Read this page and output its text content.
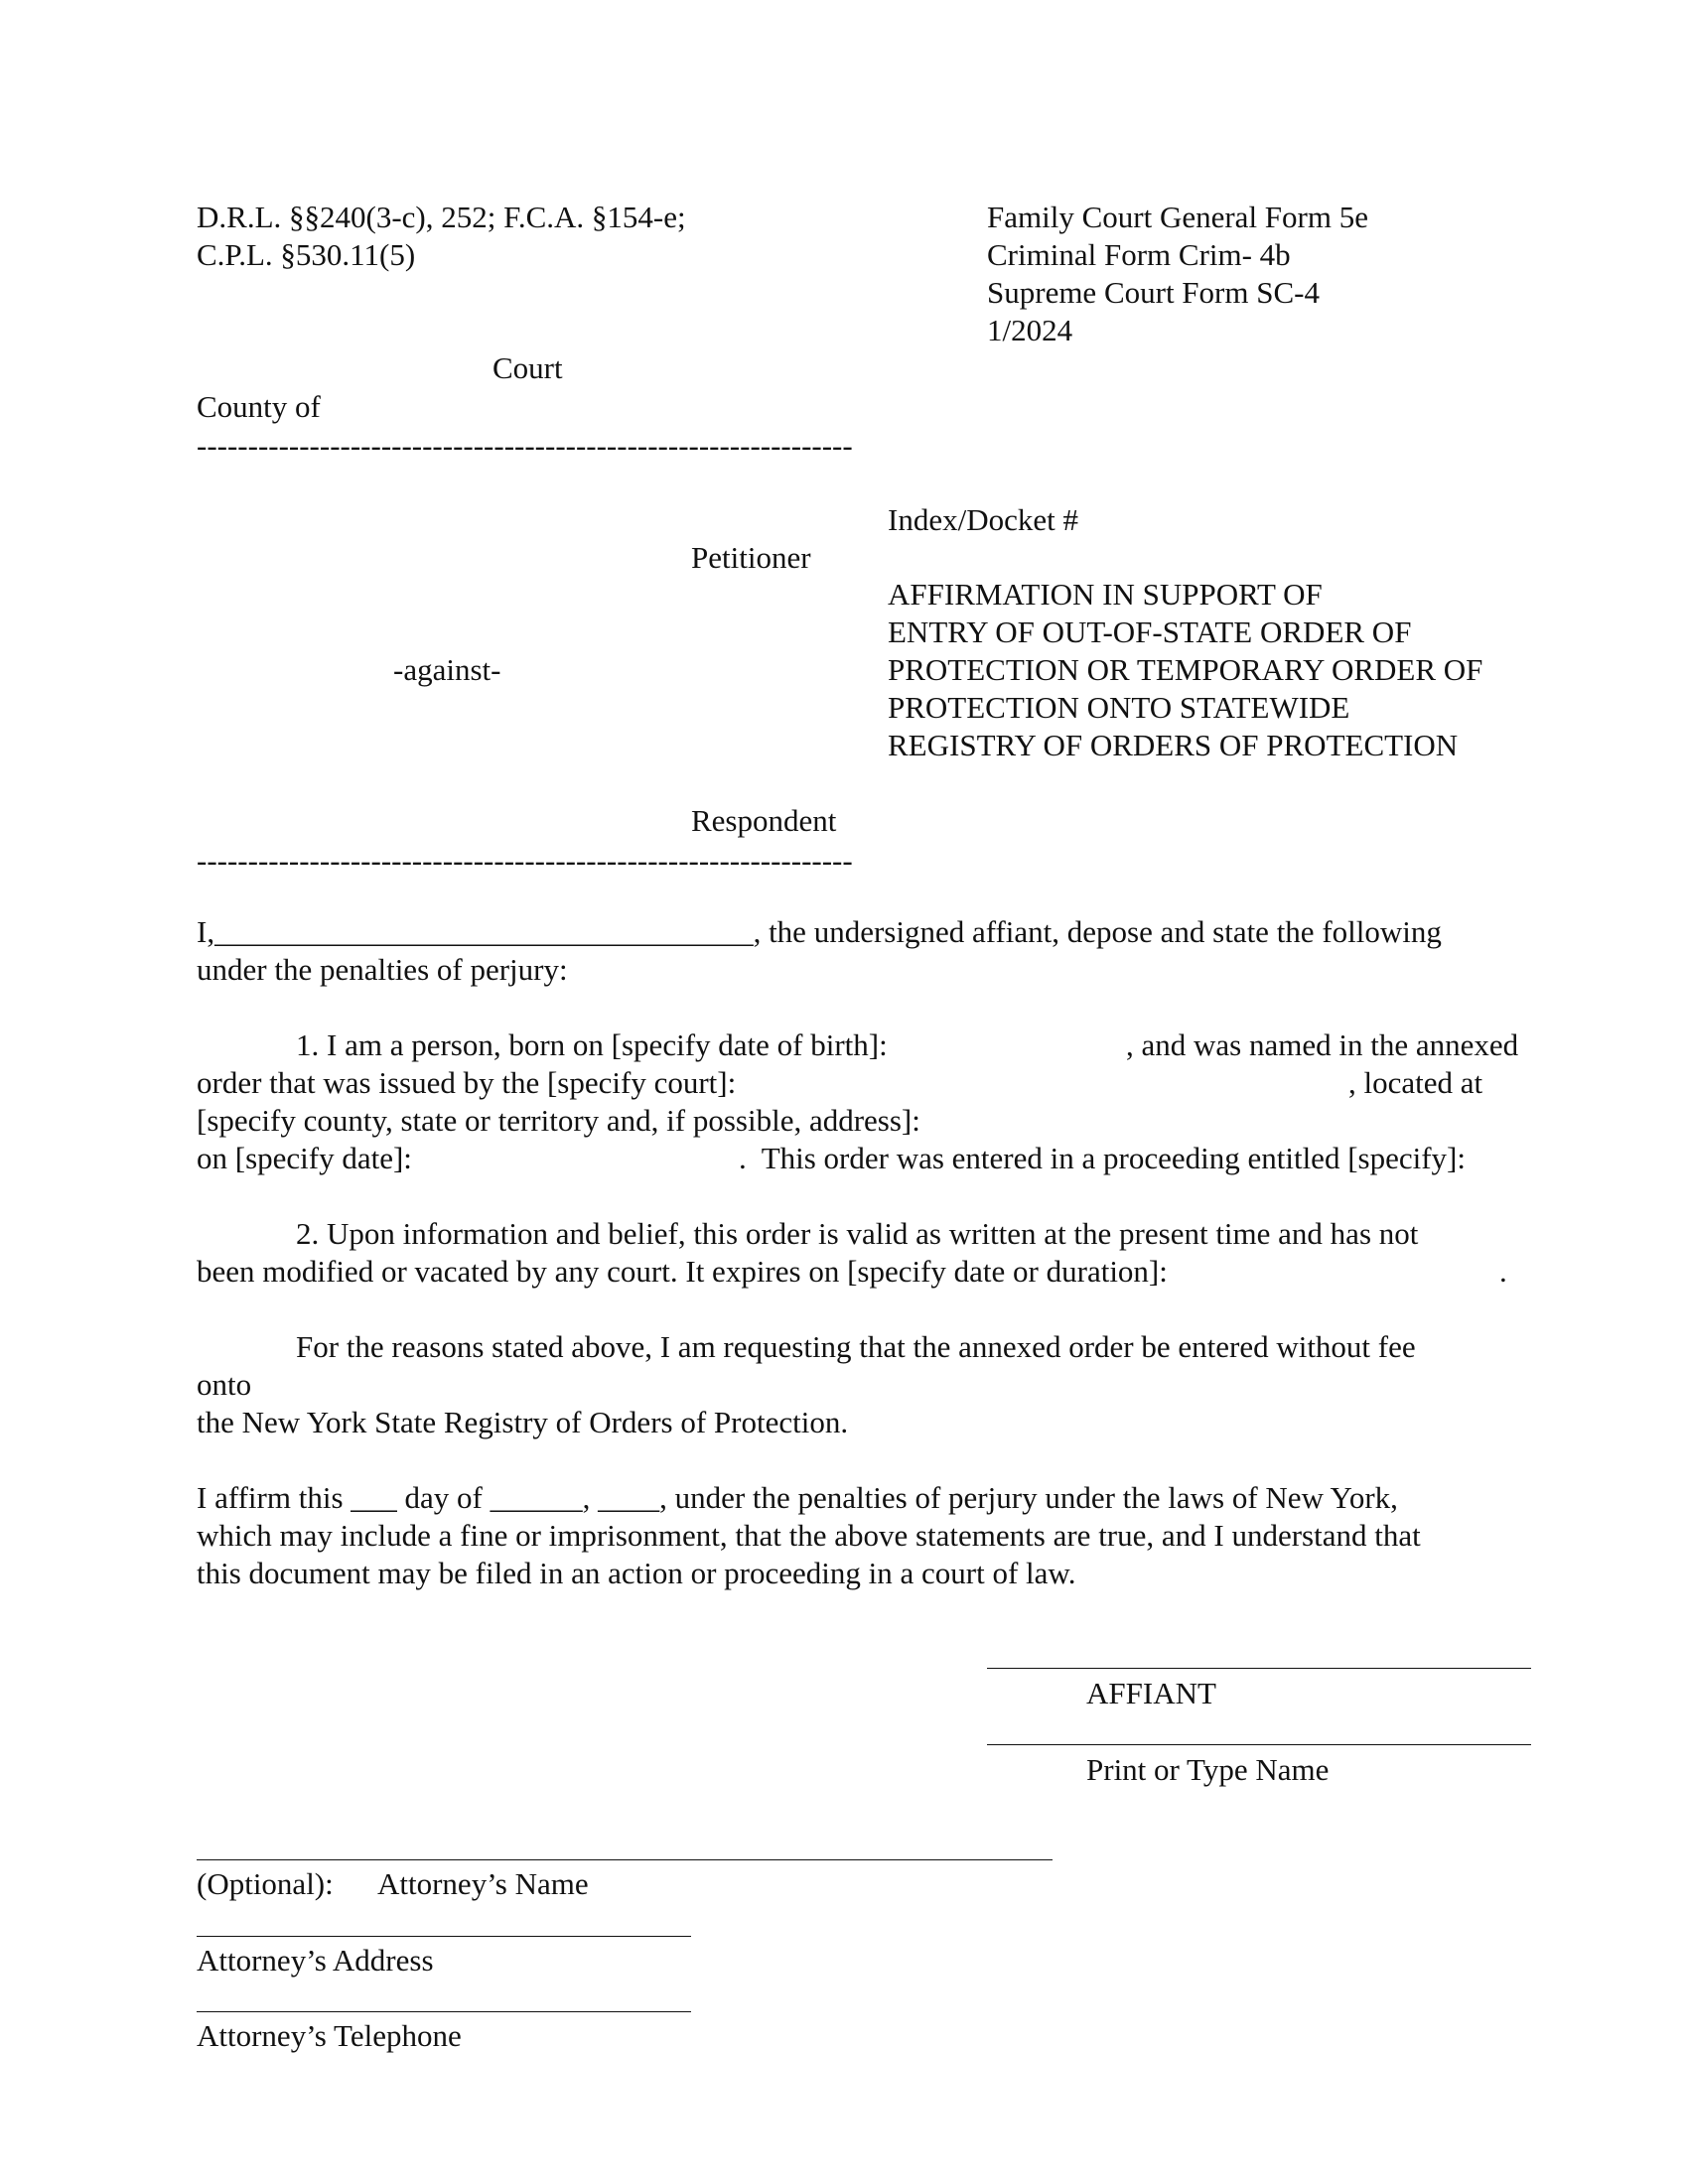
D.R.L. §§240(3-c), 252; F.C.A. §154-e;
C.P.L. §530.11(5)
Family Court General Form 5e
Criminal Form Crim- 4b
Supreme Court Form SC-4
1/2024
Court
County of
----------------------------------------------------------------
Index/Docket #
Petitioner
AFFIRMATION IN SUPPORT OF
ENTRY OF OUT-OF-STATE ORDER OF
PROTECTION OR TEMPORARY ORDER OF
PROTECTION ONTO STATEWIDE
REGISTRY OF ORDERS OF PROTECTION
-against-
Respondent
----------------------------------------------------------------
I,___________________________________, the undersigned affiant, depose and state the following
under the penalties of perjury:
1. I am a person, born on [specify date of birth]:	, and was named in the annexed
order that was issued by the [specify court]:	, located at
[specify county, state or territory and, if possible, address]:
on [specify date]:	.  This order was entered in a proceeding entitled [specify]:
2. Upon information and belief, this order is valid as written at the present time and has not
been modified or vacated by any court. It expires on [specify date or duration]:	.
For the reasons stated above, I am requesting that the annexed order be entered without fee
onto
the New York State Registry of Orders of Protection.
I affirm this ___ day of ______, ____, under the penalties of perjury under the laws of New York,
which may include a fine or imprisonment, that the above statements are true, and I understand that
this document may be filed in an action or proceeding in a court of law.
AFFIANT
Print or Type Name
(Optional): Attorney’s Name
Attorney’s Address
Attorney’s Telephone
